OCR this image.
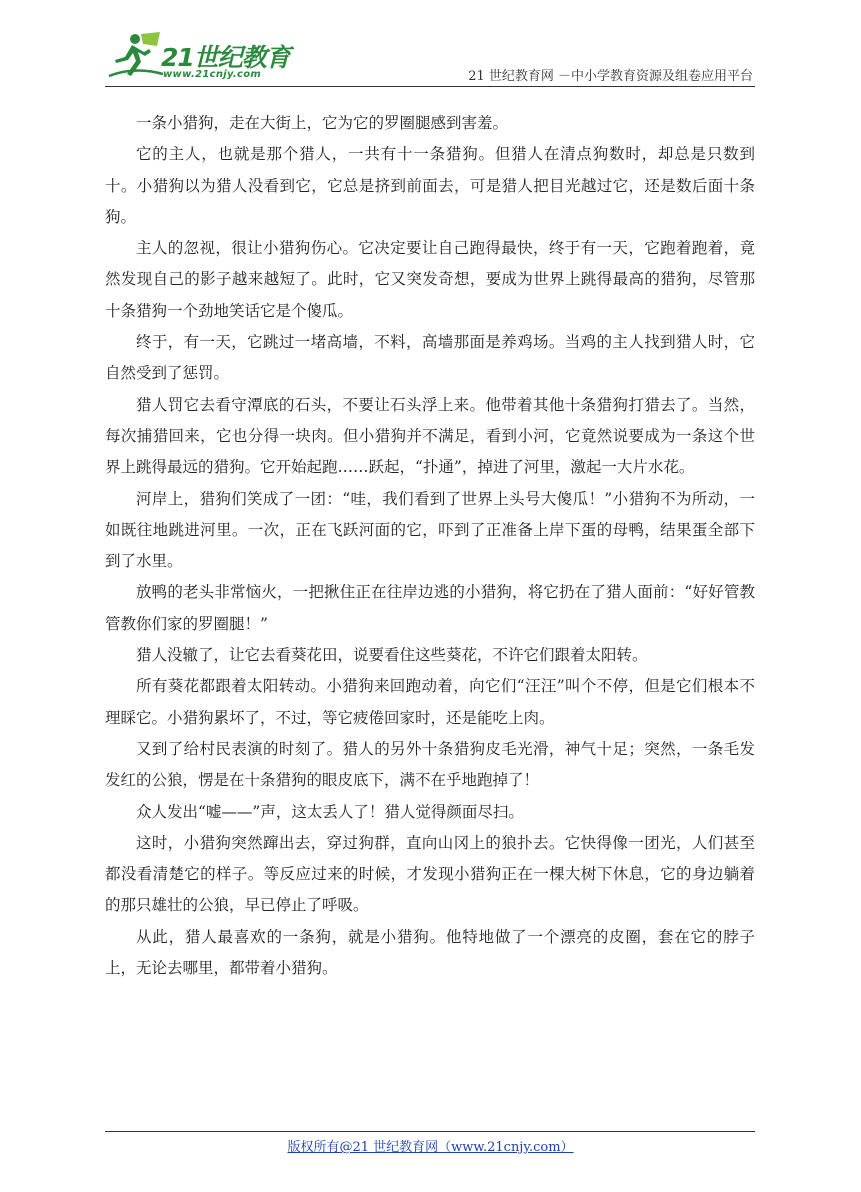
21世纪教育
www.21cnjy.com	21 世纪教育网 －中小学教育资源及组卷应用平台

一条小猎狗，走在大街上，它为它的罗圈腿感到害羞。

它的主人，也就是那个猎人，一共有十一条猎狗。但猎人在清点狗数时，却总是只数到十。小猎狗以为猎人没看到它，它总是挤到前面去，可是猎人把目光越过它，还是数后面十条狗。

主人的忽视，很让小猎狗伤心。它决定要让自己跑得最快，终于有一天，它跑着跑着，竟然发现自己的影子越来越短了。此时，它又突发奇想，要成为世界上跳得最高的猎狗，尽管那十条猎狗一个劲地笑话它是个傻瓜。

终于，有一天，它跳过一堵高墙，不料，高墙那面是养鸡场。当鸡的主人找到猎人时，它自然受到了惩罚。

猎人罚它去看守潭底的石头，不要让石头浮上来。他带着其他十条猎狗打猎去了。当然，每次捕猎回来，它也分得一块肉。但小猎狗并不满足，看到小河，它竟然说要成为一条这个世界上跳得最远的猎狗。它开始起跑……跃起，“扑通”，掉进了河里，激起一大片水花。

河岸上，猎狗们笑成了一团：“哇，我们看到了世界上头号大傻瓜！”小猎狗不为所动，一如既往地跳进河里。一次，正在飞跃河面的它，吓到了正准备上岸下蛋的母鸭，结果蛋全部下到了水里。

放鸭的老头非常恼火，一把揪住正在往岸边逃的小猎狗，将它扔在了猎人面前：“好好管教管教你们家的罗圈腿！”

猎人没辙了，让它去看葵花田，说要看住这些葵花，不许它们跟着太阳转。

所有葵花都跟着太阳转动。小猎狗来回跑动着，向它们“汪汪”叫个不停，但是它们根本不理睬它。小猎狗累坏了，不过，等它疲倦回家时，还是能吃上肉。

又到了给村民表演的时刻了。猎人的另外十条猎狗皮毛光滑，神气十足；突然，一条毛发发红的公狼，愣是在十条猎狗的眼皮底下，满不在乎地跑掉了！

众人发出“嘘——”声，这太丢人了！猎人觉得颜面尽扫。

这时，小猎狗突然蹿出去，穿过狗群，直向山冈上的狼扑去。它快得像一团光，人们甚至都没看清楚它的样子。等反应过来的时候，才发现小猎狗正在一棵大树下休息，它的身边躺着的那只雄壮的公狼，早已停止了呼吸。

从此，猎人最喜欢的一条狗，就是小猎狗。他特地做了一个漂亮的皮圈，套在它的脖子上，无论去哪里，都带着小猎狗。

版权所有@21 世纪教育网（www.21cnjy.com）
